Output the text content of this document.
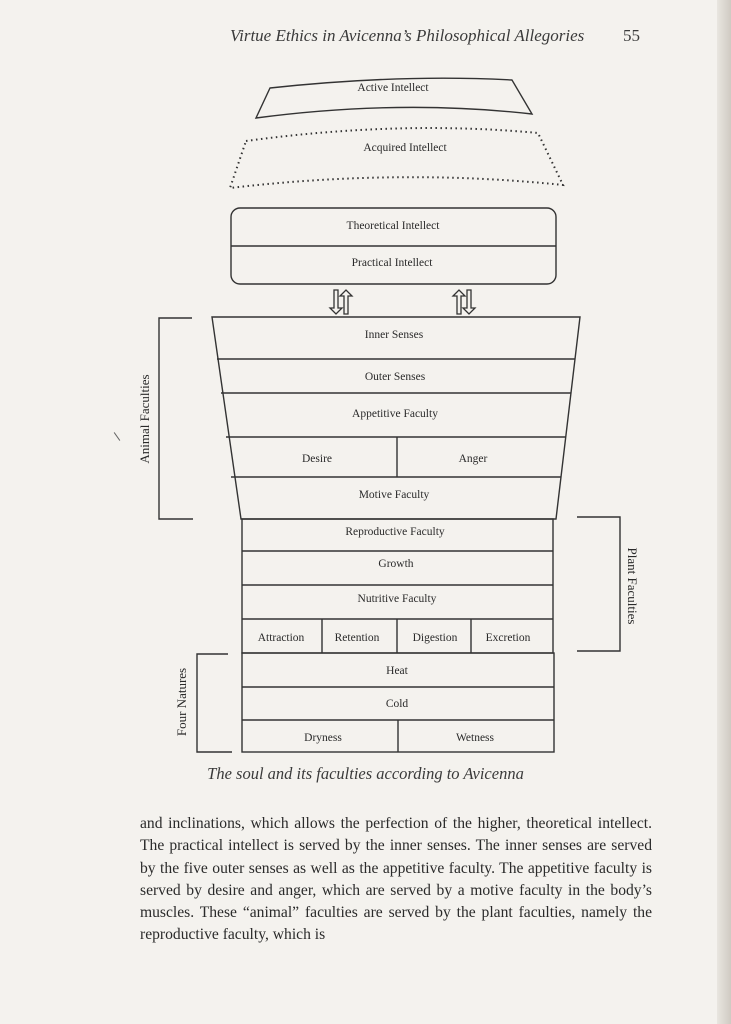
Virtue Ethics in Avicenna’s Philosophical Allegories 55
Active Intellect
Acquired Intellect
Theoretical Intellect
Practical Intellect
Inner Senses
Outer Senses
Appetitive Faculty
Desire	Anger
Motive Faculty
Reproductive Faculty
Growth
Nutritive Faculty
Attraction	Retention	Digestion Excretion
Heat
Cold
Dryness	Wetness
Animal Faculties
Plant Faculties
Four Natures
The soul and its faculties according to Avicenna

and inclinations, which allows the perfection of the higher, theoretical intellect. The practical intellect is served by the inner senses. The inner senses are served by the five outer senses as well as the appetitive faculty. The appetitive faculty is served by desire and anger, which are served by a motive faculty in the body’s muscles. These “animal” faculties are served by the plant faculties, namely the reproductive faculty, which is
